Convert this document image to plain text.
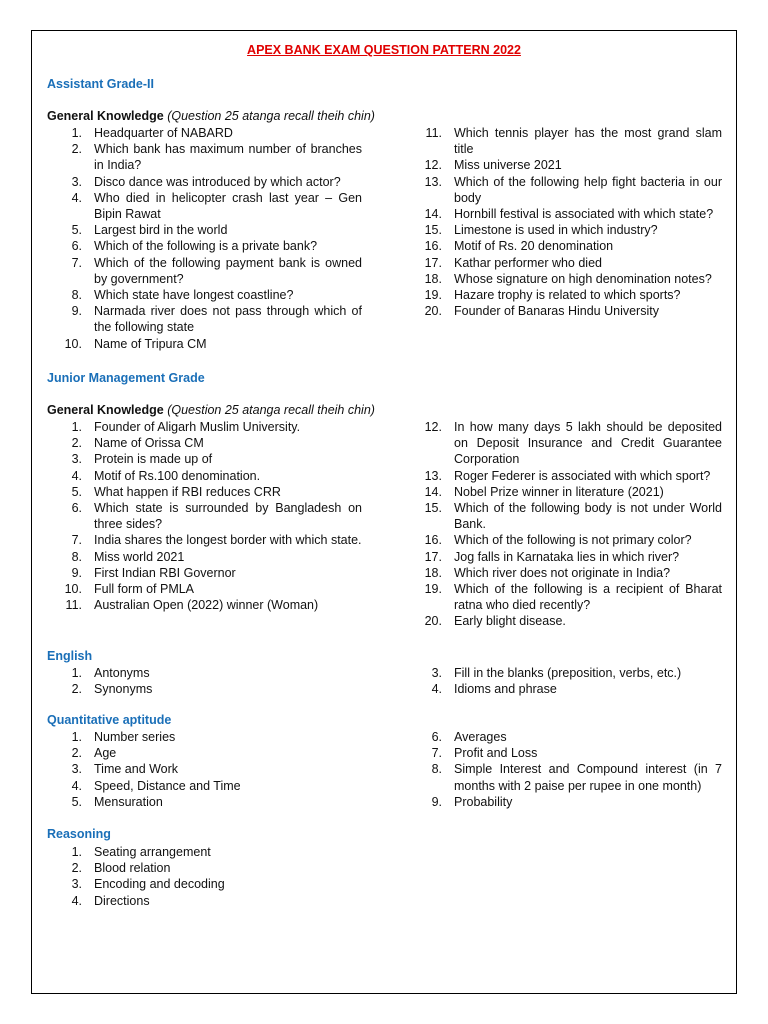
APEX BANK EXAM QUESTION PATTERN 2022
Assistant Grade-II
General Knowledge (Question 25 atanga recall theih chin)
1. Headquarter of NABARD
2. Which bank has maximum number of branches in India?
3. Disco dance was introduced by which actor?
4. Who died in helicopter crash last year – Gen Bipin Rawat
5. Largest bird in the world
6. Which of the following is a private bank?
7. Which of the following payment bank is owned by government?
8. Which state have longest coastline?
9. Narmada river does not pass through which of the following state
10. Name of Tripura CM
11. Which tennis player has the most grand slam title
12. Miss universe 2021
13. Which of the following help fight bacteria in our body
14. Hornbill festival is associated with which state?
15. Limestone is used in which industry?
16. Motif of Rs. 20 denomination
17. Kathar performer who died
18. Whose signature on high denomination notes?
19. Hazare trophy is related to which sports?
20. Founder of Banaras Hindu University
Junior Management Grade
General Knowledge (Question 25 atanga recall theih chin)
1. Founder of Aligarh Muslim University.
2. Name of Orissa CM
3. Protein is made up of
4. Motif of Rs.100 denomination.
5. What happen if RBI reduces CRR
6. Which state is surrounded by Bangladesh on three sides?
7. India shares the longest border with which state.
8. Miss world 2021
9. First Indian RBI Governor
10. Full form of PMLA
11. Australian Open (2022) winner (Woman)
12. In how many days 5 lakh should be deposited on Deposit Insurance and Credit Guarantee Corporation
13. Roger Federer is associated with which sport?
14. Nobel Prize winner in literature (2021)
15. Which of the following body is not under World Bank.
16. Which of the following is not primary color?
17. Jog falls in Karnataka lies in which river?
18. Which river does not originate in India?
19. Which of the following is a recipient of Bharat ratna who died recently?
20. Early blight disease.
English
1. Antonyms
2. Synonyms
3. Fill in the blanks (preposition, verbs, etc.)
4. Idioms and phrase
Quantitative aptitude
1. Number series
2. Age
3. Time and Work
4. Speed, Distance and Time
5. Mensuration
6. Averages
7. Profit and Loss
8. Simple Interest and Compound interest (in 7 months with 2 paise per rupee in one month)
9. Probability
Reasoning
1. Seating arrangement
2. Blood relation
3. Encoding and decoding
4. Directions
